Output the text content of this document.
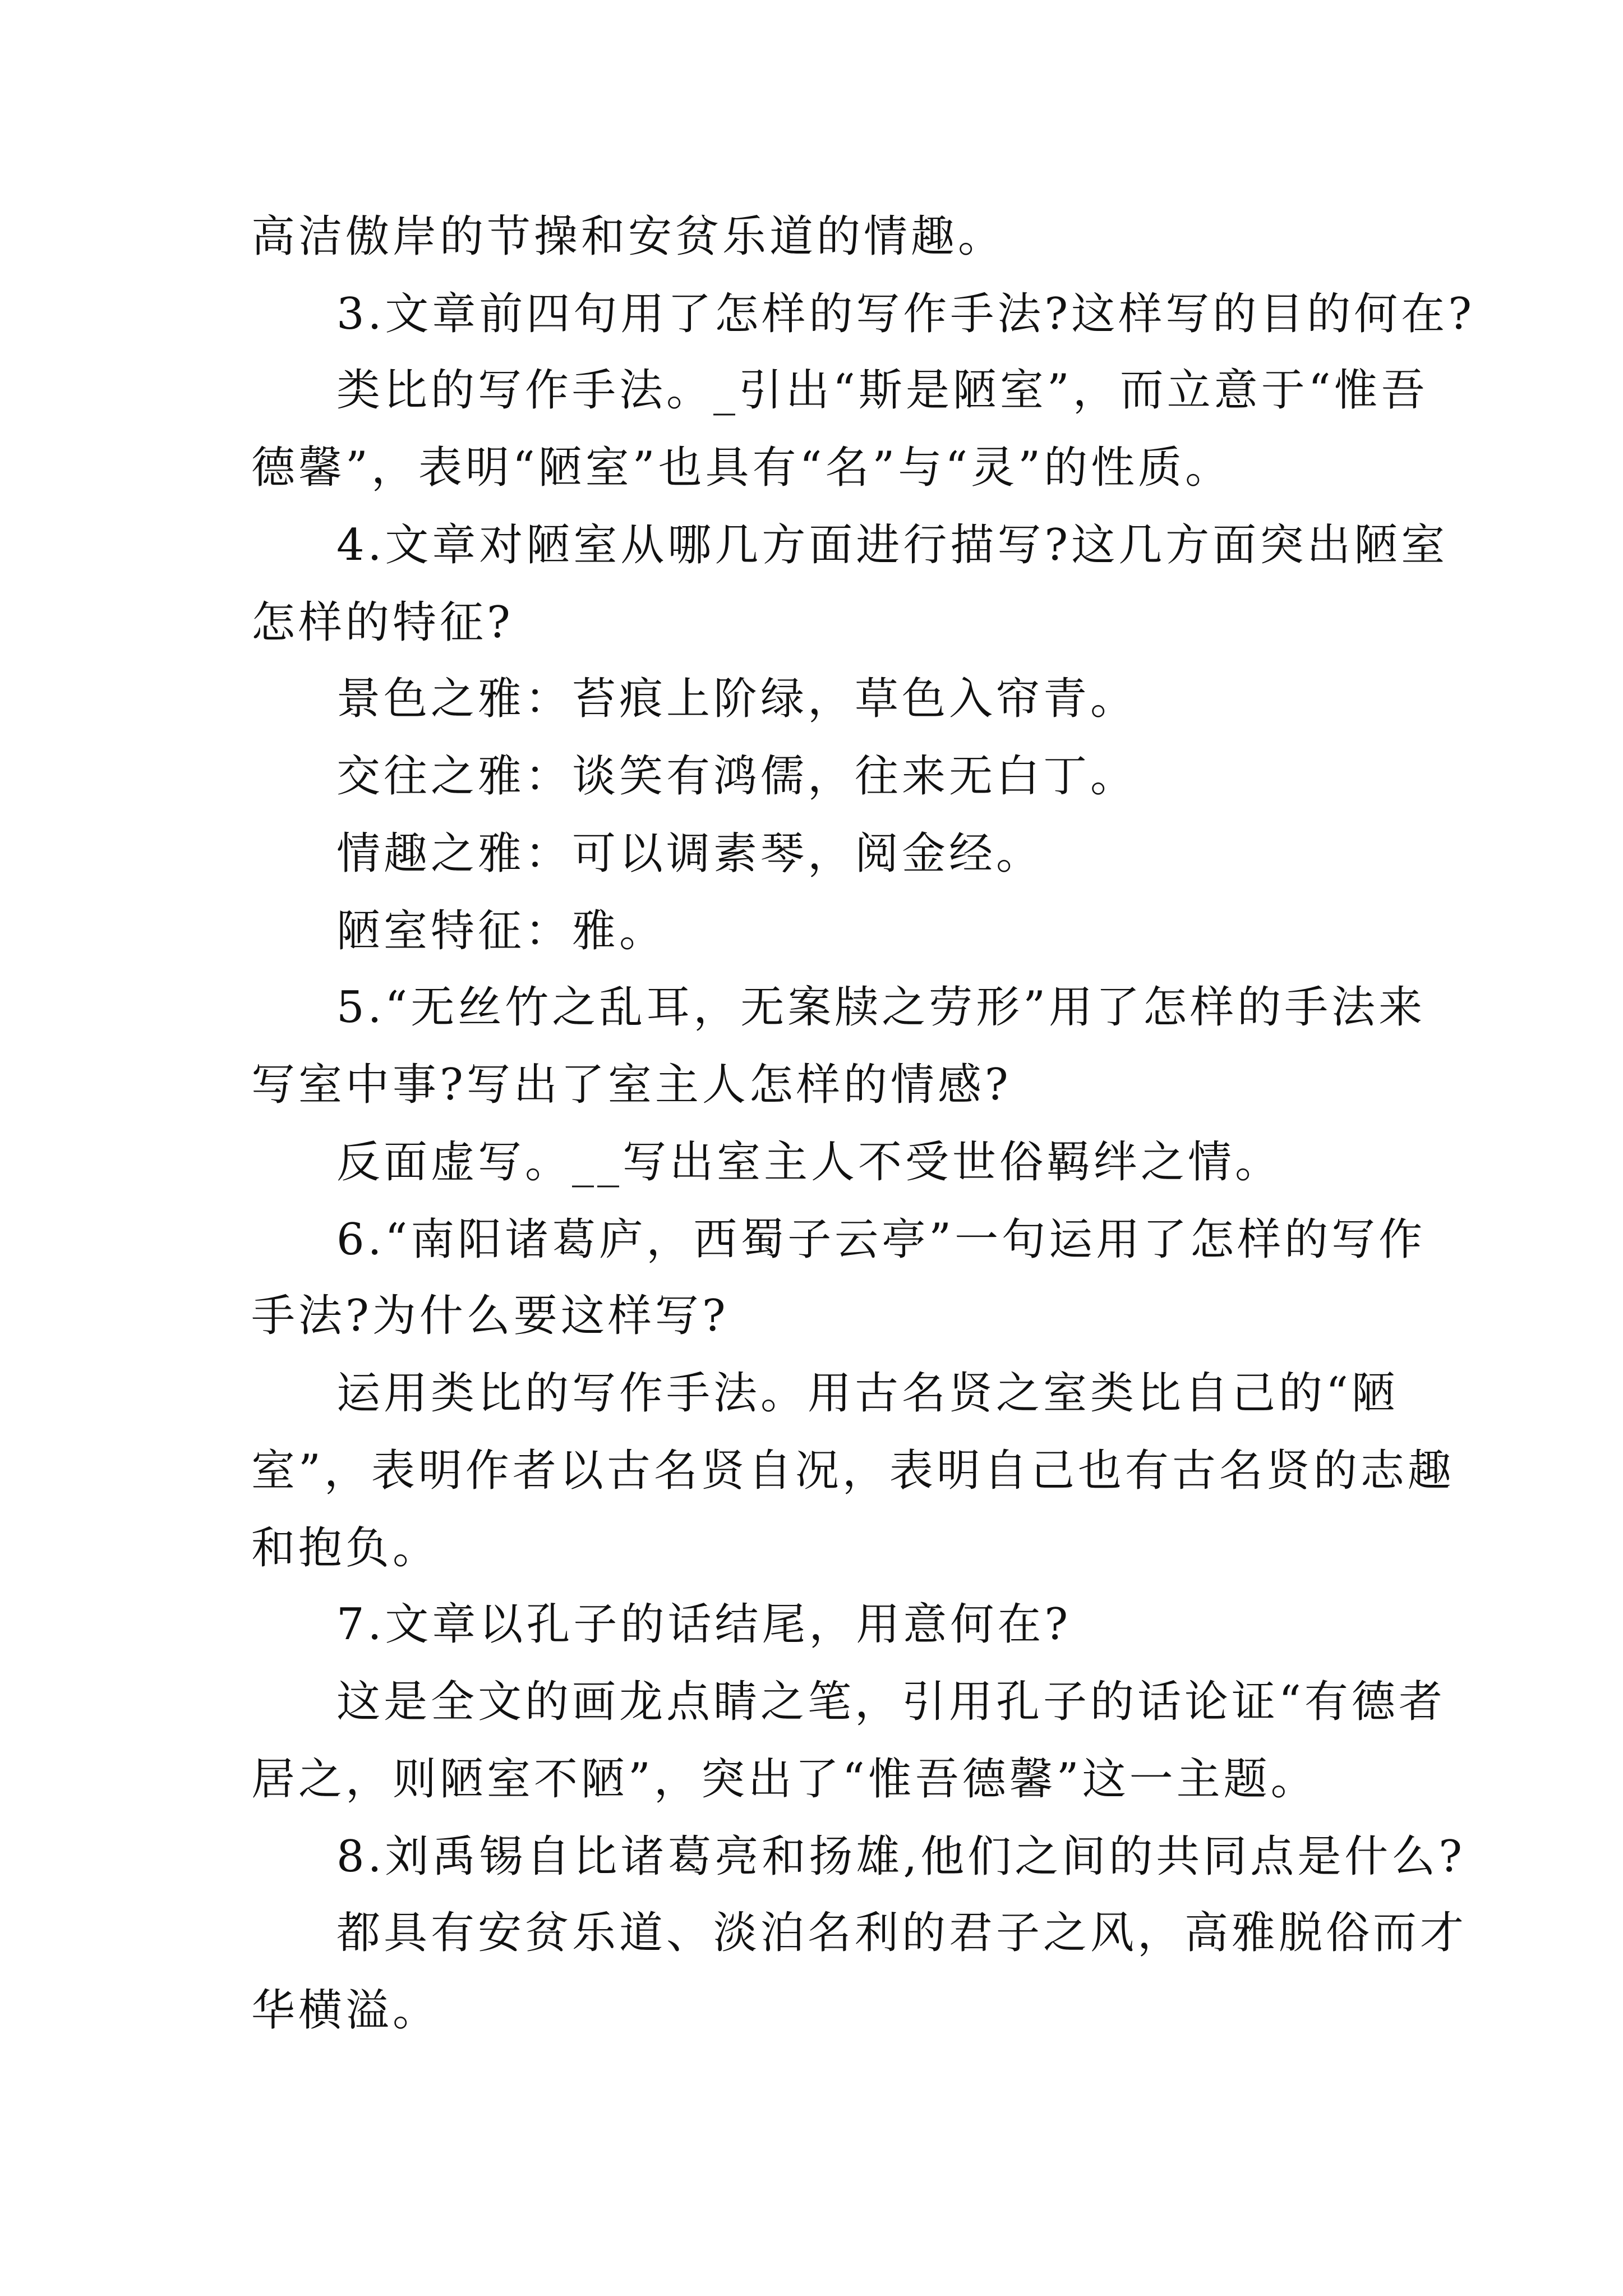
高洁傲岸的节操和安贫乐道的情趣。
3.文章前四句用了怎样的写作手法?这样写的目的何在?
类比的写作手法。_引出“斯是陋室”，而立意于“惟吾
德馨”，表明“陋室”也具有“名”与“灵”的性质。
4.文章对陋室从哪几方面进行描写?这几方面突出陋室
怎样的特征?
景色之雅：苔痕上阶绿，草色入帘青。
交往之雅：谈笑有鸿儒，往来无白丁。
情趣之雅：可以调素琴，阅金经。
陋室特征：雅。
5.“无丝竹之乱耳，无案牍之劳形”用了怎样的手法来
写室中事?写出了室主人怎样的情感?
反面虚写。__写出室主人不受世俗羁绊之情。
6.“南阳诸葛庐，西蜀子云亭”一句运用了怎样的写作
手法?为什么要这样写?
运用类比的写作手法。用古名贤之室类比自己的“陋
室”，表明作者以古名贤自况，表明自己也有古名贤的志趣
和抱负。
7.文章以孔子的话结尾，用意何在?
这是全文的画龙点睛之笔，引用孔子的话论证“有德者
居之，则陋室不陋”，突出了“惟吾德馨”这一主题。
8.刘禹锡自比诸葛亮和扬雄,他们之间的共同点是什么?
都具有安贫乐道、淡泊名利的君子之风，高雅脱俗而才
华横溢。
